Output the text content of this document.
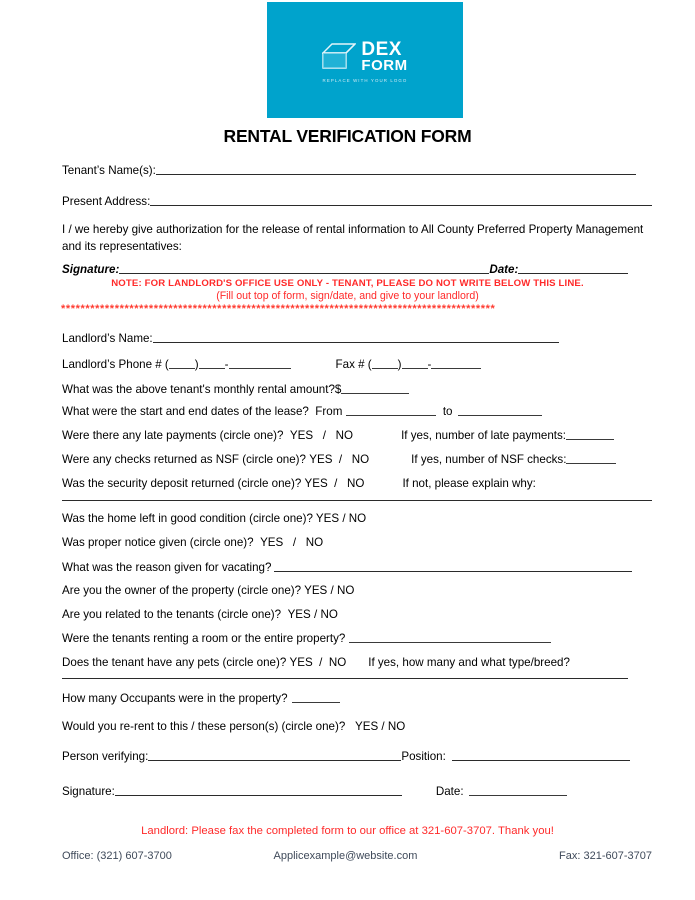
DEX
FORM
REPLACE WITH YOUR LOGO
RENTAL VERIFICATION FORM
Tenant’s Name(s):
Present Address:
I / we hereby give authorization for the release of rental information to All County Preferred Property Management and its representatives:
Signature:	Date:
NOTE: FOR LANDLORD'S OFFICE USE ONLY - TENANT, PLEASE DO NOT WRITE BELOW THIS LINE.
(Fill out top of form, sign/date, and give to your landlord)
*****************************************************************************************
Landlord’s Name:
Landlord’s Phone # ( ) -	Fax # ( ) -
What was the above tenant's monthly rental amount?$
What were the start and end dates of the lease? From	to
Were there any late payments (circle one)? YES   /   NO	If yes, number of late payments:
Were any checks returned as NSF (circle one)? YES  /   NO	If yes, number of NSF checks:
Was the security deposit returned (circle one)? YES  /   NO	If not, please explain why:
Was the home left in good condition (circle one)? YES / NO
Was proper notice given (circle one)? YES   /   NO
What was the reason given for vacating?
Are you the owner of the property (circle one)? YES / NO
Are you related to the tenants (circle one)? YES / NO
Were the tenants renting a room or the entire property?
Does the tenant have any pets (circle one)? YES  /  NO If yes, how many and what type/breed?
How many Occupants were in the property?
Would you re-rent to this / these person(s) (circle one)? YES / NO
Person verifying:	Position:
Signature:	Date:
Landlord: Please fax the completed form to our office at 321-607-3707. Thank you!
Office: (321) 607-3700	Applicexample@website.com	Fax: 321-607-3707
